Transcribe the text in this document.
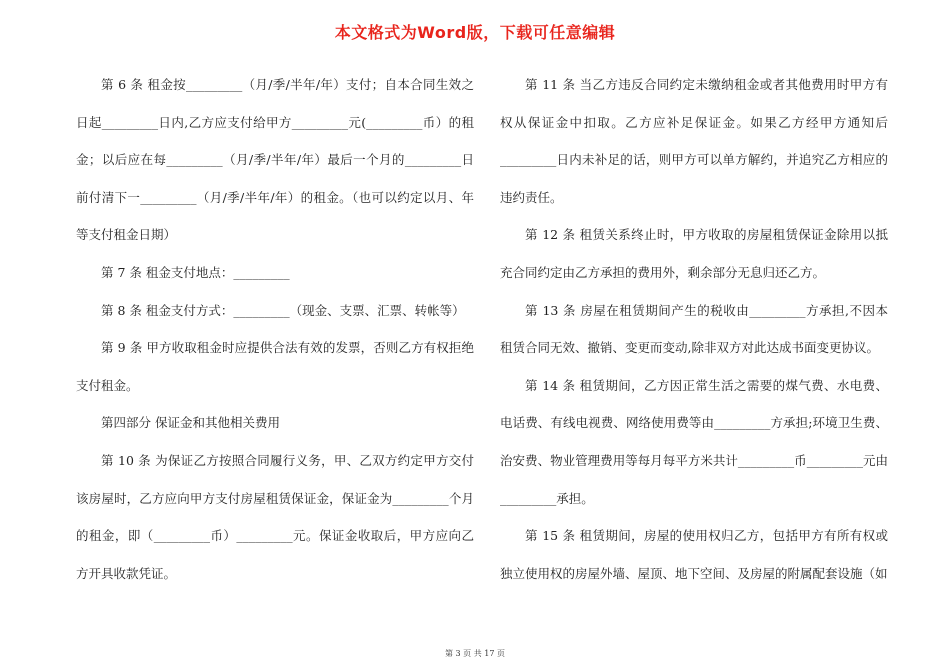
本文格式为Word版，下载可任意编辑

第 6 条 租金按_________（月/季/半年/年）支付；自本合同生效之日起_________日内,乙方应支付给甲方_________元(_________币）的租金；以后应在每_________（月/季/半年/年）最后一个月的_________日前付清下一_________（月/季/半年/年）的租金。（也可以约定以月、年等支付租金日期）

第 7 条 租金支付地点：_________

第 8 条 租金支付方式：_________（现金、支票、汇票、转帐等）

第 9 条 甲方收取租金时应提供合法有效的发票，否则乙方有权拒绝支付租金。

第四部分 保证金和其他相关费用

第 10 条 为保证乙方按照合同履行义务，甲、乙双方约定甲方交付该房屋时，乙方应向甲方支付房屋租赁保证金，保证金为_________个月的租金，即（_________币）_________元。保证金收取后，甲方应向乙方开具收款凭证。

第 11 条 当乙方违反合同约定未缴纳租金或者其他费用时甲方有权从保证金中扣取。乙方应补足保证金。如果乙方经甲方通知后_________日内未补足的话，则甲方可以单方解约，并追究乙方相应的违约责任。

第 12 条 租赁关系终止时，甲方收取的房屋租赁保证金除用以抵充合同约定由乙方承担的费用外，剩余部分无息归还乙方。

第 13 条 房屋在租赁期间产生的税收由_________方承担,不因本租赁合同无效、撤销、变更而变动,除非双方对此达成书面变更协议。

第 14 条 租赁期间，乙方因正常生活之需要的煤气费、水电费、电话费、有线电视费、网络使用费等由_________方承担;环境卫生费、治安费、物业管理费用等每月每平方米共计_________币_________元由_________承担。

第 15 条 租赁期间，房屋的使用权归乙方，包括甲方有所有权或独立使用权的房屋外墙、屋顶、地下空间、及房屋的附属配套设施（如

第 3 页 共 17 页
